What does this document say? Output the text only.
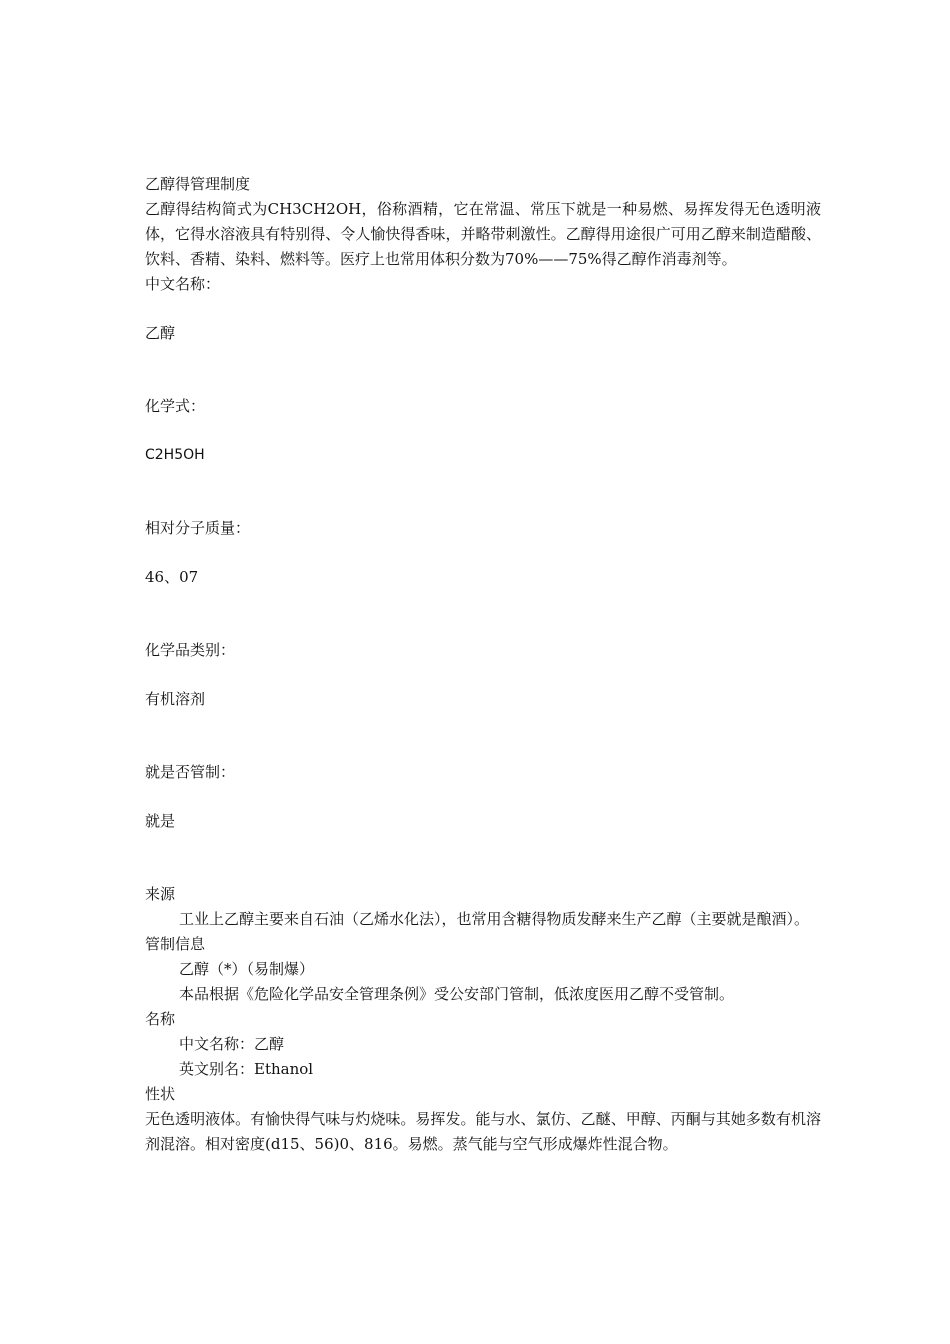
乙醇得管理制度

乙醇得结构简式为CH3CH2OH，俗称酒精，它在常温、常压下就是一种易燃、易挥发得无色透明液体，它得水溶液具有特别得、令人愉快得香味，并略带刺激性。乙醇得用途很广可用乙醇来制造醋酸、饮料、香精、染料、燃料等。医疗上也常用体积分数为70%——75%得乙醇作消毒剂等。

中文名称：

乙醇

化学式：

C2H5OH

相对分子质量：

46、07

化学品类别：

有机溶剂

就是否管制：

就是

来源

工业上乙醇主要来自石油（乙烯水化法），也常用含糖得物质发酵来生产乙醇（主要就是酿酒）。

管制信息

乙醇（*）（易制爆）

本品根据《危险化学品安全管理条例》受公安部门管制，低浓度医用乙醇不受管制。

名称

中文名称：乙醇

英文别名：Ethanol

性状

无色透明液体。有愉快得气味与灼烧味。易挥发。能与水、氯仿、乙醚、甲醇、丙酮与其她多数有机溶剂混溶。相对密度(d15、56)0、816。易燃。蒸气能与空气形成爆炸性混合物。
